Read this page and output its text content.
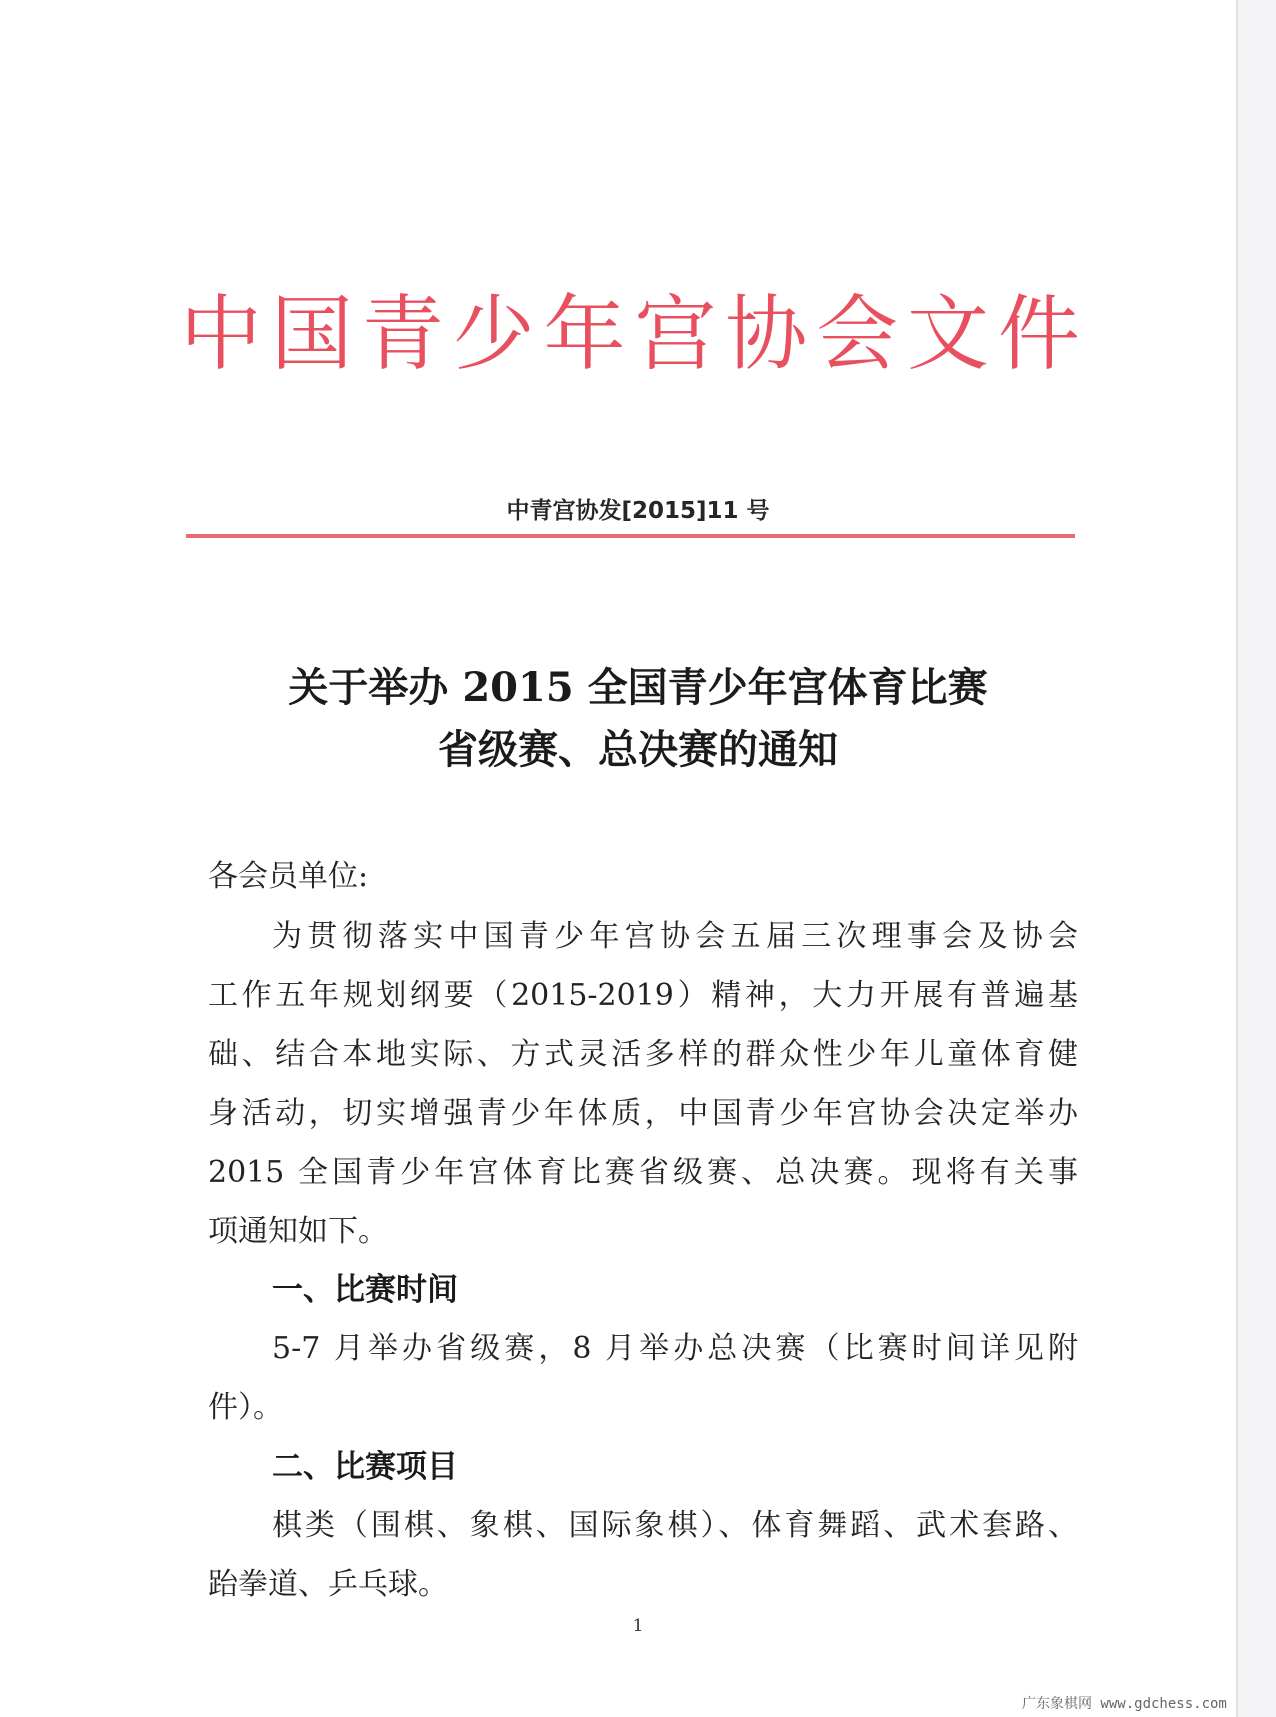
中 国 青 少 年 宫 协 会 文 件
中青宫协发[2015]11 号
关于举办 2015 全国青少年宫体育比赛
省级赛、总决赛的通知
各会员单位:
为贯彻落实中国青少年宫协会五届三次理事会及协会
工作五年规划纲要（2015-2019）精神，大力开展有普遍基
础、结合本地实际、方式灵活多样的群众性少年儿童体育健
身活动，切实增强青少年体质，中国青少年宫协会决定举办
2015 全国青少年宫体育比赛省级赛、总决赛。现将有关事
项通知如下。
一、比赛时间
5-7 月举办省级赛，8 月举办总决赛（比赛时间详见附
件）。
二、比赛项目
棋类（围棋、象棋、国际象棋）、体育舞蹈、武术套路、
跆拳道、乒乓球。
1
广东象棋网 www.gdchess.com
